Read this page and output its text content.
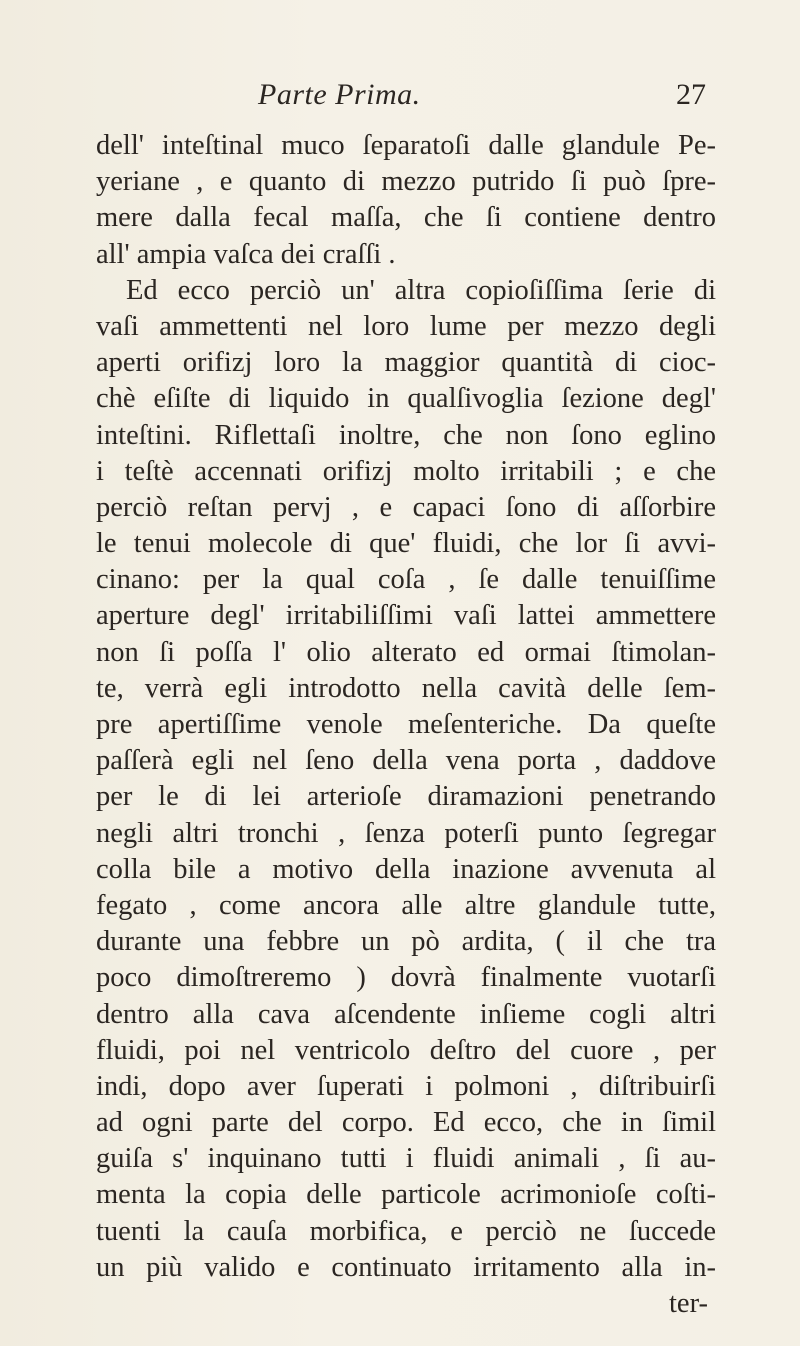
Parte Prima.	27
dell' inteſtinal muco ſeparatoſi dalle glandule Pe-
yeriane , e quanto di mezzo putrido ſi può ſpre-
mere dalla fecal maſſa, che ſi contiene dentro
all' ampia vaſca dei craſſi .
Ed ecco perciò un' altra copioſiſſima ſerie di
vaſi ammettenti nel loro lume per mezzo degli
aperti orifizj loro la maggior quantità di cioc-
chè eſiſte di liquido in qualſivoglia ſezione degl'
inteſtini. Riflettaſi inoltre, che non ſono eglino
i teſtè accennati orifizj molto irritabili ; e che
perciò reſtan pervj , e capaci ſono di aſſorbire
le tenui molecole di que' fluidi, che lor ſi avvi-
cinano: per la qual coſa , ſe dalle tenuiſſime
aperture degl' irritabiliſſimi vaſi lattei ammettere
non ſi poſſa l' olio alterato ed ormai ſtimolan-
te, verrà egli introdotto nella cavità delle ſem-
pre apertiſſime venole meſenteriche. Da queſte
paſſerà egli nel ſeno della vena porta , daddove
per le di lei arterioſe diramazioni penetrando
negli altri tronchi , ſenza poterſi punto ſegregar
colla bile a motivo della inazione avvenuta al
fegato , come ancora alle altre glandule tutte,
durante una febbre un pò ardita, ( il che tra
poco dimoſtreremo ) dovrà finalmente vuotarſi
dentro alla cava aſcendente inſieme cogli altri
fluidi, poi nel ventricolo deſtro del cuore , per
indi, dopo aver ſuperati i polmoni , diſtribuirſi
ad ogni parte del corpo. Ed ecco, che in ſimil
guiſa s' inquinano tutti i fluidi animali , ſi au-
menta la copia delle particole acrimonioſe coſti-
tuenti la cauſa morbifica, e perciò ne ſuccede
un più valido e continuato irritamento alla in-
ter-
